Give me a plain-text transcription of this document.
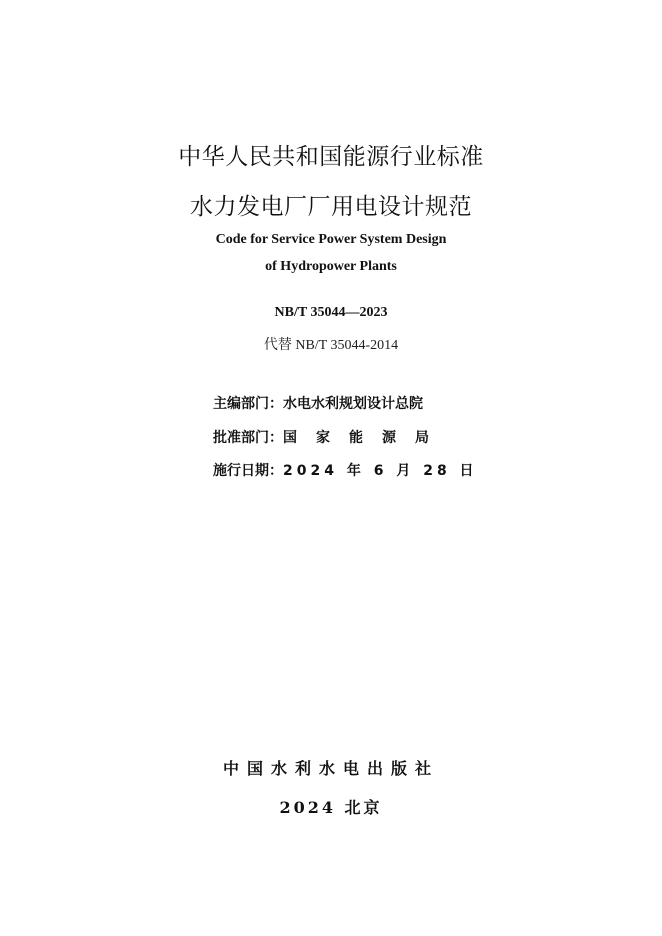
中华人民共和国能源行业标准
水力发电厂厂用电设计规范
Code for Service Power System Design
of Hydropower Plants
NB/T 35044—2023
代替 NB/T 35044-2014
主编部门：水电水利规划设计总院
批准部门：国家能源局
施行日期：2024 年 6 月 28 日
中国水利水电出版社
2024 北京
